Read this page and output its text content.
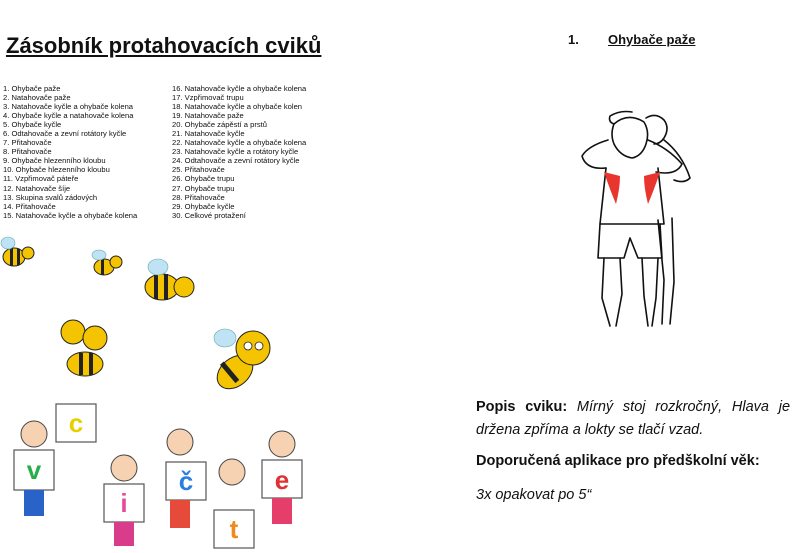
Zásobník protahovacích cviků
1. Ohybače paže
2. Natahovače paže
3. Natahovače kyčle a ohybače kolena
4. Ohybače kyčle a natahovače kolena
5. Ohybače kyčle
6. Odtahovače a zevní rotátory kyčle
7. Přitahovače
8. Přitahovače
9. Ohybače hlezenního kloubu
10. Ohybače hlezenního kloubu
11. Vzpřimovač páteře
12. Natahovače šíje
13. Skupina svalů zádových
14. Přitahovače
15. Natahovače kyčle a ohybače kolena
16. Natahovače kyčle a ohybače kolena
17. Vzpřimovač trupu
18. Natahovače kyčle a ohybače kolen
19. Natahovače paže
20. Ohybače zápěstí a prstů
21. Natahovače kyčle
22. Natahovače kyčle a ohybače kolena
23. Natahovače kyčle a rotátory kyčle
24. Odtahovače a zevní rotátory kyčle
25. Přitahovače
26. Ohybače trupu
27. Ohybače trupu
28. Přitahovače
29. Ohybače kyčle
30. Celkové protažení
v
c
i
č
t
e
1. Ohybače paže
Popis cviku: Mírný stoj rozkročný, Hlava je držena zpříma a lokty se tlačí vzad.
Doporučená aplikace pro předškolní věk:
3x opakovat po 5“
